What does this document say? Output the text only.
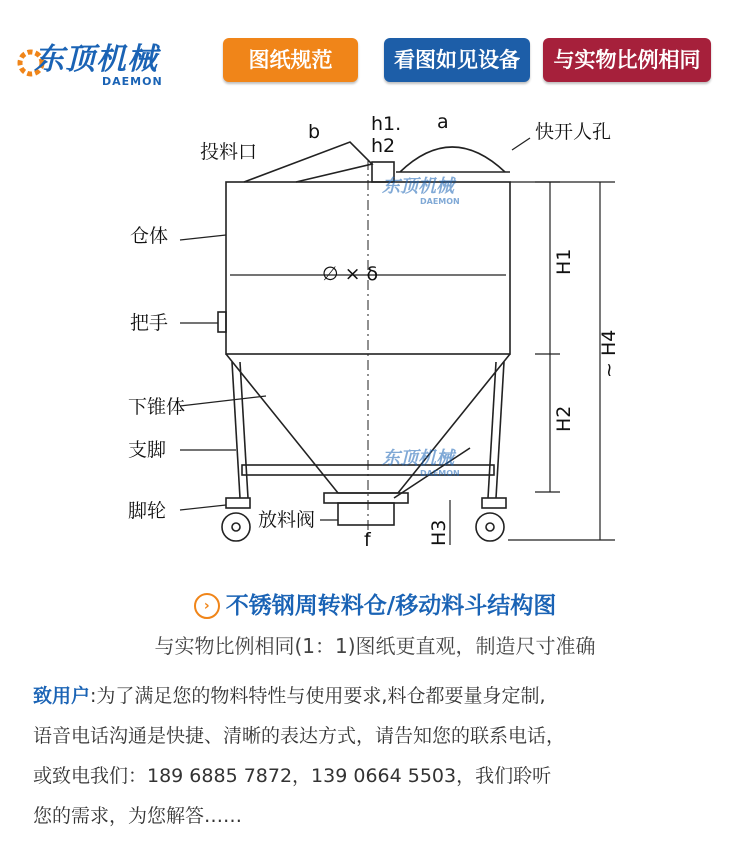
东顶机械
DAEMON
图纸规范	看图如见设备	与实物比例相同
投料口
仓体
把手
下锥体
支脚
脚轮	放料阀
快开人孔
b	h1.
h2
a
∅ × δ	H1
H2
H3
~ H4
f
东顶机械
DAEMON
东顶机械
DAEMON
› 不锈钢周转料仓/移动料斗结构图
与实物比例相同(1：1)图纸更直观，制造尺寸准确
致用户:为了满足您的物料特性与使用要求,料仓都要量身定制,
语音电话沟通是快捷、清晰的表达方式，请告知您的联系电话，
或致电我们：189 6885 7872，139 0664 5503，我们聆听
您的需求，为您解答……
